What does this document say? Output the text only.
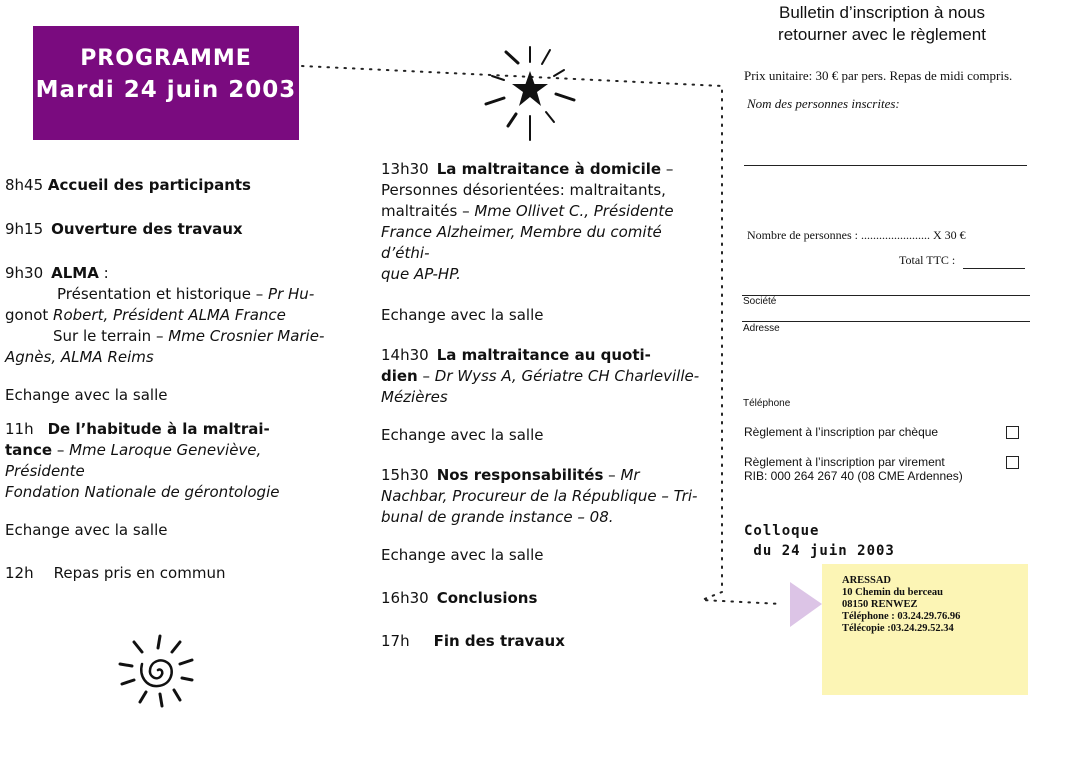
PROGRAMME
Mardi 24 juin 2003

8h45 Accueil des participants

9h15 Ouverture des travaux

9h30 ALMA :

Présentation et historique – Pr Hu-

gonot Robert, Président ALMA France

Sur le terrain – Mme Crosnier Marie-

Agnès, ALMA Reims

Echange avec la salle

11h De l’habitude à la maltrai-

tance – Mme Laroque Geneviève, Présidente

Fondation Nationale de gérontologie

Echange avec la salle

12h Repas pris en commun

13h30 La maltraitance à domicile –

Personnes désorientées: maltraitants,

maltraités – Mme Ollivet C., Présidente

France Alzheimer, Membre du comité d’éthi-

que AP-HP.

Echange avec la salle

14h30 La maltraitance au quoti-

dien – Dr Wyss A, Gériatre CH Charleville-

Mézières

Echange avec la salle

15h30 Nos responsabilités – Mr

Nachbar, Procureur de la République – Tri-

bunal de grande instance – 08.

Echange avec la salle

16h30 Conclusions

17h Fin des travaux

Bulletin d’inscription à nous
retourner avec le règlement
Prix unitaire: 30 € par pers. Repas de midi compris.
Nom des personnes inscrites:
Nombre de personnes : ....................... X 30 €
Total TTC :
Société
Adresse
Téléphone
Règlement à l’inscription par chèque
Règlement à l’inscription par virement
RIB: 000 264 267 40 (08 CME Ardennes)
Colloque
du 24 juin 2003
ARESSAD
10 Chemin du berceau
08150 RENWEZ
Téléphone : 03.24.29.76.96
Télécopie :03.24.29.52.34
